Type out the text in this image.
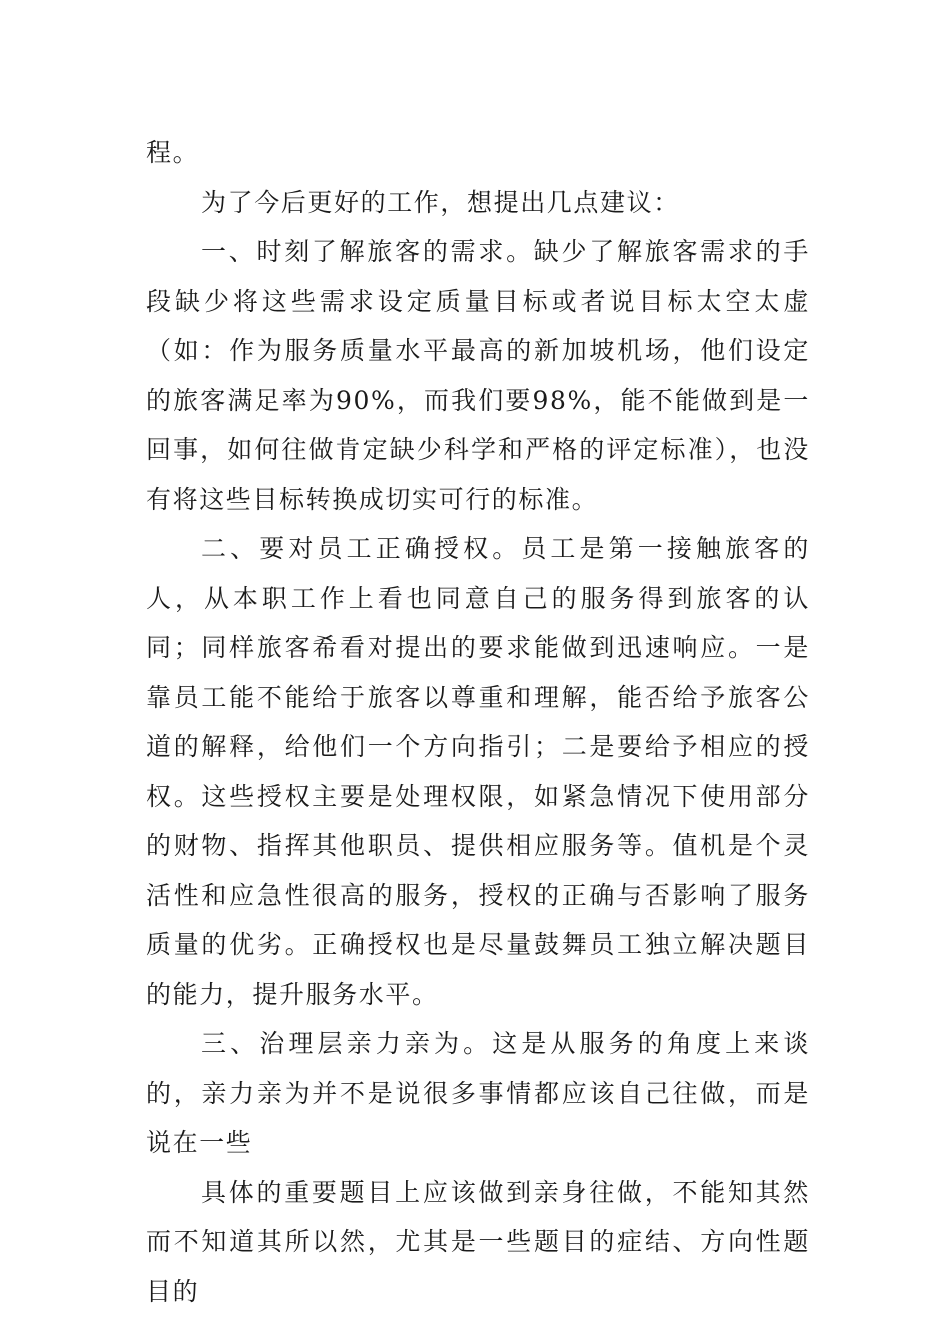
程。

为了今后更好的工作，想提出几点建议：

一、时刻了解旅客的需求。缺少了解旅客需求的手段缺少将这些需求设定质量目标或者说目标太空太虚（如：作为服务质量水平最高的新加坡机场，他们设定的旅客满足率为90%，而我们要98%，能不能做到是一回事，如何往做肯定缺少科学和严格的评定标准），也没有将这些目标转换成切实可行的标准。

二、要对员工正确授权。员工是第一接触旅客的人，从本职工作上看也同意自己的服务得到旅客的认同；同样旅客希看对提出的要求能做到迅速响应。一是靠员工能不能给于旅客以尊重和理解，能否给予旅客公道的解释，给他们一个方向指引；二是要给予相应的授权。这些授权主要是处理权限，如紧急情况下使用部分的财物、指挥其他职员、提供相应服务等。值机是个灵活性和应急性很高的服务，授权的正确与否影响了服务质量的优劣。正确授权也是尽量鼓舞员工独立解决题目的能力，提升服务水平。

三、治理层亲力亲为。这是从服务的角度上来谈的，亲力亲为并不是说很多事情都应该自己往做，而是说在一些

具体的重要题目上应该做到亲身往做，不能知其然而不知道其所以然，尤其是一些题目的症结、方向性题目的
